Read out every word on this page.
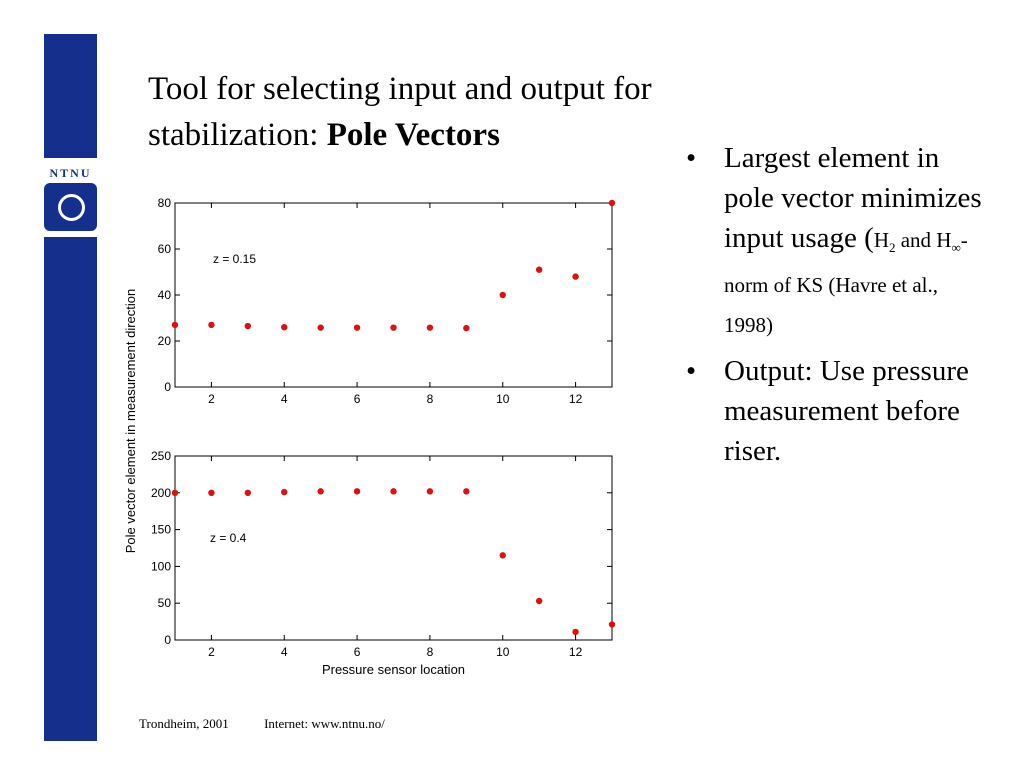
NTNU
Tool for selecting input and output for
stabilization: Pole Vectors
0
20
40
60
80
2	4	6	8	10	12
z = 0.15
0
50
100
150
200
250
2	4	6	8	10	12
z = 0.4
Pressure sensor location
Pole vector element in measurement direction
• Largest element in pole vector minimizes input usage ($H_2$ and $H_\infty$-norm of KS (Havre et al., 1998)
• Output: Use pressure measurement before riser.
Trondheim, 2001	Internet: www.ntnu.no/
